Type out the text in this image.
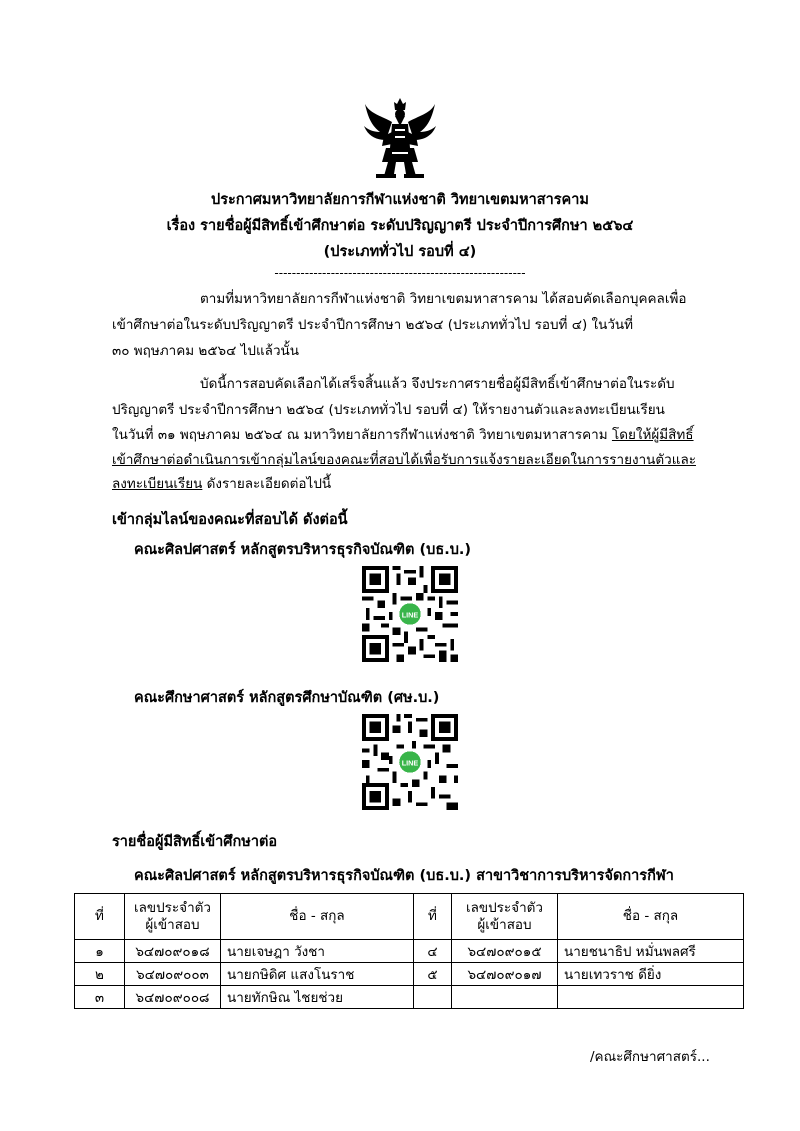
ประกาศมหาวิทยาลัยการกีฬาแห่งชาติ วิทยาเขตมหาสารคาม
เรื่อง รายชื่อผู้มีสิทธิ์เข้าศึกษาต่อ ระดับปริญญาตรี ประจำปีการศึกษา ๒๕๖๔
(ประเภททั่วไป รอบที่ ๔)
----------------------------------------------------------
ตามที่มหาวิทยาลัยการกีฬาแห่งชาติ วิทยาเขตมหาสารคาม ได้สอบคัดเลือกบุคคลเพื่อ
เข้าศึกษาต่อในระดับปริญญาตรี ประจำปีการศึกษา ๒๕๖๔ (ประเภททั่วไป รอบที่ ๔) ในวันที่
๓๐ พฤษภาคม ๒๕๖๔ ไปแล้วนั้น
บัดนี้การสอบคัดเลือกได้เสร็จสิ้นแล้ว จึงประกาศรายชื่อผู้มีสิทธิ์เข้าศึกษาต่อในระดับ
ปริญญาตรี ประจำปีการศึกษา ๒๕๖๔ (ประเภททั่วไป รอบที่ ๔) ให้รายงานตัวและลงทะเบียนเรียน
ในวันที่ ๓๑ พฤษภาคม ๒๕๖๔ ณ มหาวิทยาลัยการกีฬาแห่งชาติ วิทยาเขตมหาสารคาม โดยให้ผู้มีสิทธิ์
เข้าศึกษาต่อดำเนินการเข้ากลุ่มไลน์ของคณะที่สอบได้เพื่อรับการแจ้งรายละเอียดในการรายงานตัวและ
ลงทะเบียนเรียน ดังรายละเอียดต่อไปนี้
เข้ากลุ่มไลน์ของคณะที่สอบได้ ดังต่อนี้
คณะศิลปศาสตร์ หลักสูตรบริหารธุรกิจบัณฑิต (บธ.บ.)
LINE
คณะศึกษาศาสตร์ หลักสูตรศึกษาบัณฑิต (ศษ.บ.)
LINE
รายชื่อผู้มีสิทธิ์เข้าศึกษาต่อ
คณะศิลปศาสตร์ หลักสูตรบริหารธุรกิจบัณฑิต (บธ.บ.) สาขาวิชาการบริหารจัดการกีฬา
ที่	เลขประจำตัว
ผู้เข้าสอบ	ชื่อ - สกุล	ที่	เลขประจำตัว
ผู้เข้าสอบ	ชื่อ - สกุล
๑	๖๔๗๐๙๐๑๘	นายเจษฎา วังชา	๔	๖๔๗๐๙๐๑๕	นายชนาธิป หมั่นพลศรี
๒	๖๔๗๐๙๐๐๓	นายกษิดิศ แสงโนราช	๕	๖๔๗๐๙๐๑๗	นายเทวราช ดียิ่ง
๓	๖๔๗๐๙๐๐๘	นายทักษิณ ไชยช่วย			
/คณะศึกษาศาสตร์...
